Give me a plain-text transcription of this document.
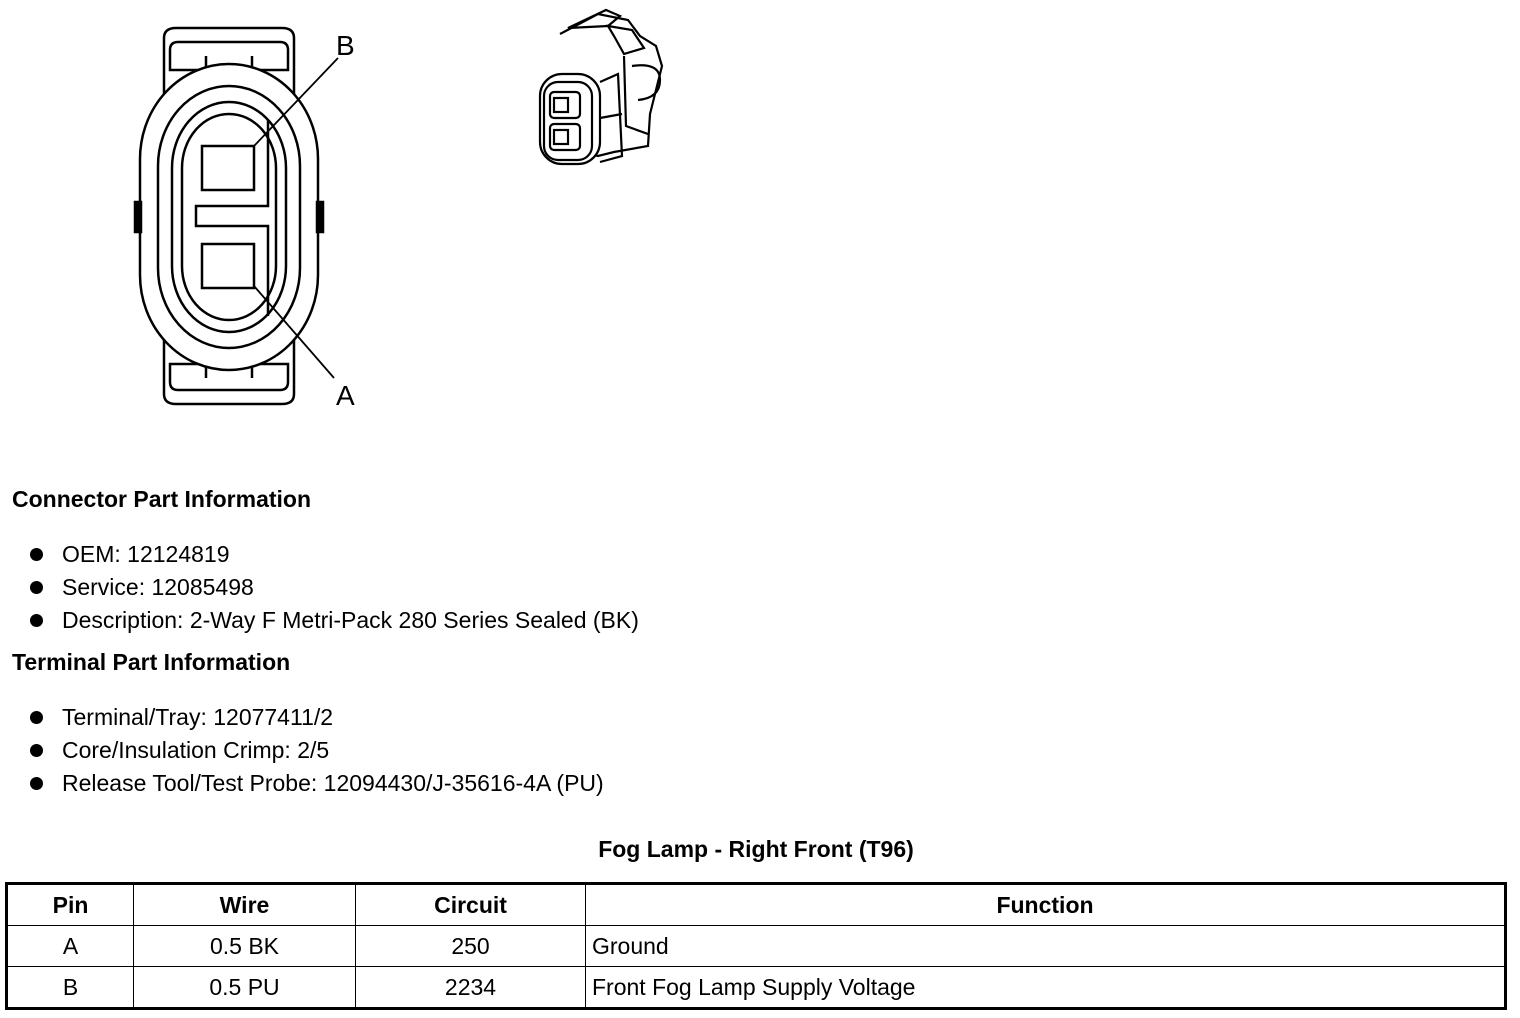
B
A
Connector Part Information
OEM: 12124819
Service: 12085498
Description: 2-Way F Metri-Pack 280 Series Sealed (BK)
Terminal Part Information
Terminal/Tray: 12077411/2
Core/Insulation Crimp: 2/5
Release Tool/Test Probe: 12094430/J-35616-4A (PU)
Fog Lamp - Right Front (T96)
Pin	Wire	Circuit	Function
A	0.5 BK	250	Ground
B	0.5 PU	2234	Front Fog Lamp Supply Voltage
